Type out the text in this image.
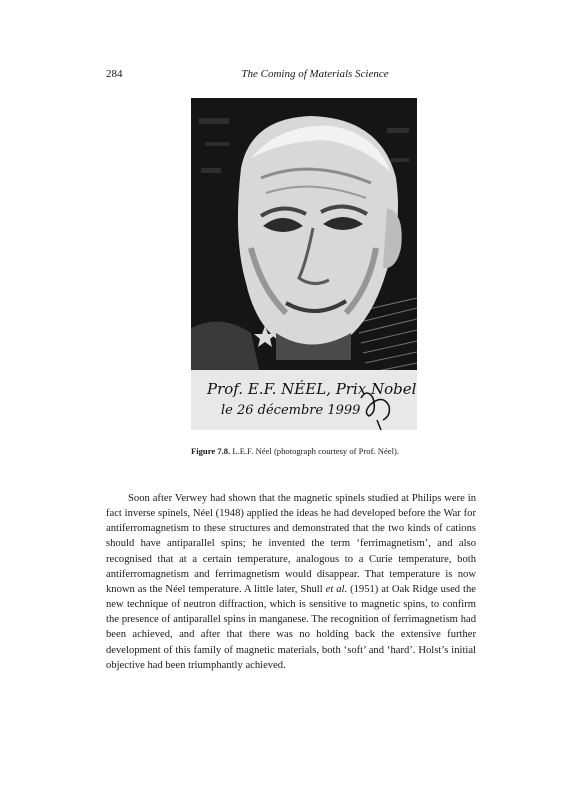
284	The Coming of Materials Science
Prof. E.F. NÉEL, Prix Nobel
le 26 décembre 1999
Figure 7.8. L.E.F. Néel (photograph courtesy of Prof. Néel).

Soon after Verwey had shown that the magnetic spinels studied at Philips were in fact inverse spinels, Néel (1948) applied the ideas he had developed before the War for antiferromagnetism to these structures and demonstrated that the two kinds of cations should have antiparallel spins; he invented the term ‘ferrimagnetism’, and also recognised that at a certain temperature, analogous to a Curie temperature, both antiferromagnetism and ferrimagnetism would disappear. That temperature is now known as the Néel temperature. A little later, Shull et al. (1951) at Oak Ridge used the new technique of neutron diffraction, which is sensitive to magnetic spins, to confirm the presence of antiparallel spins in manganese. The recognition of ferrimagnetism had been achieved, and after that there was no holding back the extensive further development of this family of magnetic materials, both ‘soft’ and ‘hard’. Holst’s initial objective had been triumphantly achieved.
